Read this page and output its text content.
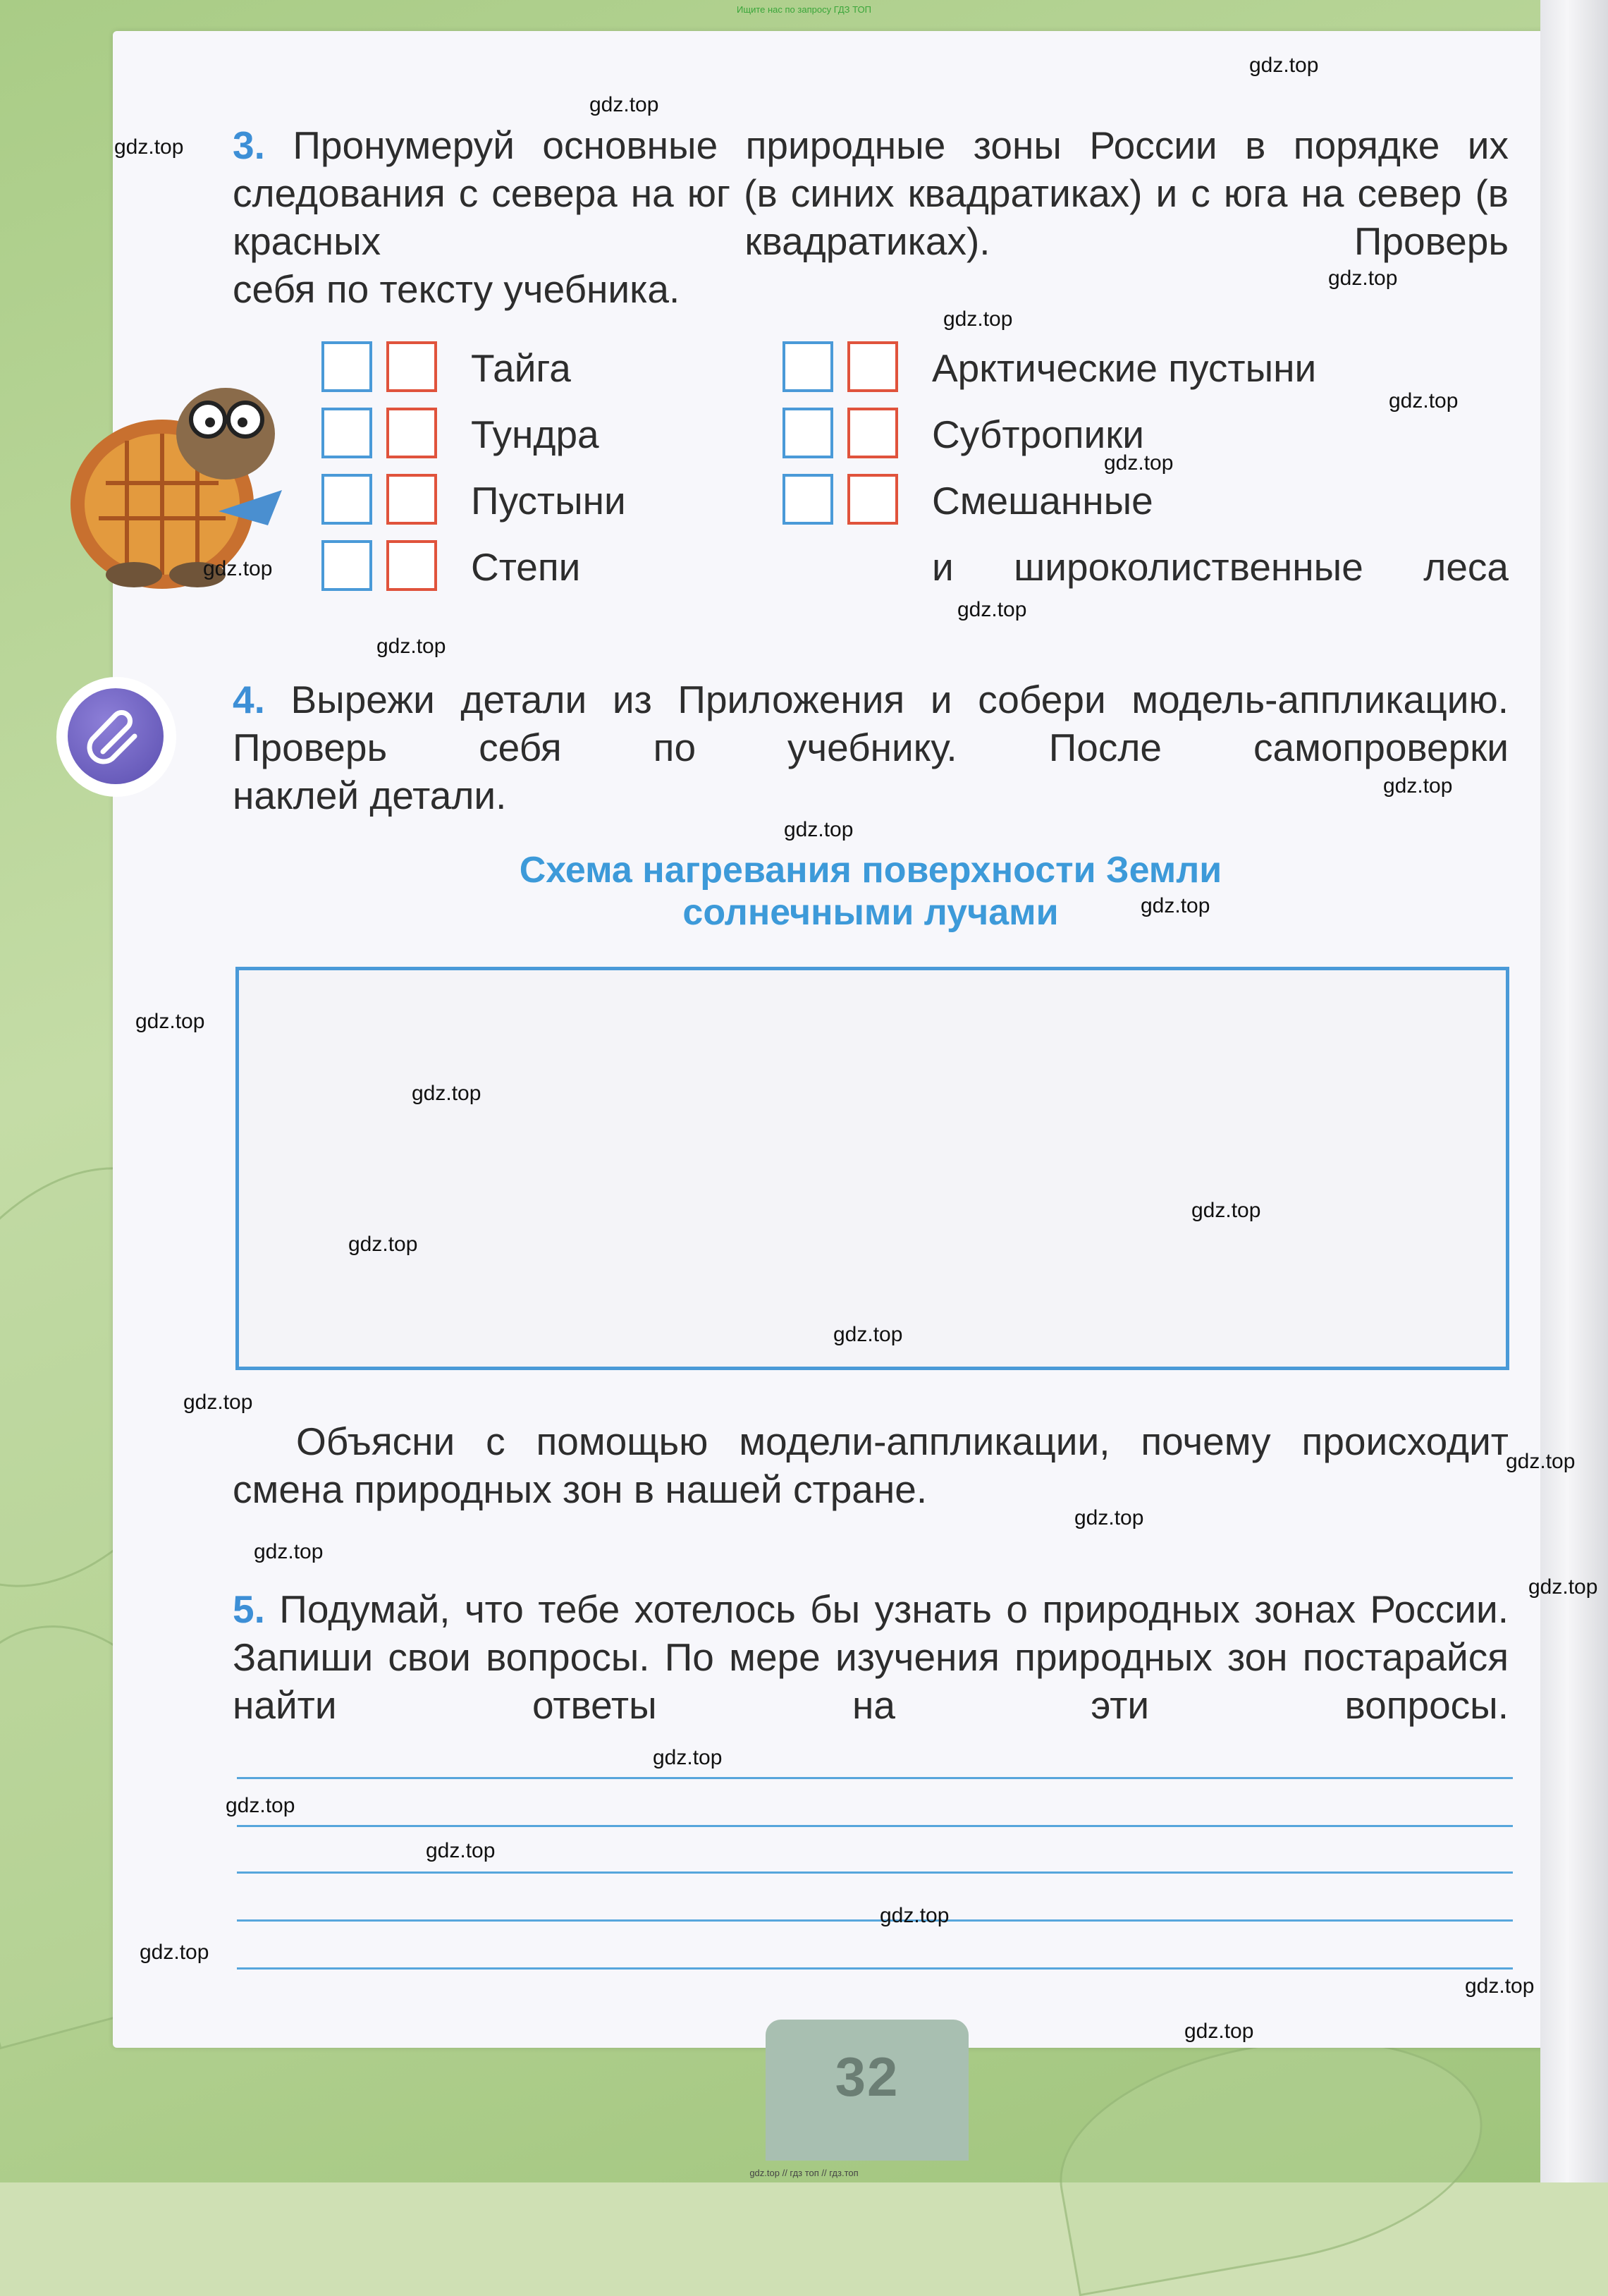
Ищите нас по запросу ГДЗ ТОП
3. Пронумеруй основные природные зоны России в порядке их следования с севера на юг (в синих квадратиках) и с юга на север (в красных квадратиках). Проверь
себя по тексту учебника.
Тайга
Тундра
Пустыни
Степи
Арктические пустыни
Субтропики
Смешанные
и широколиственные леса
4. Вырежи детали из Приложения и собери модель-аппликацию. Проверь себя по учебнику. После самопроверки
наклей детали.
Схема нагревания поверхности Земли
солнечными лучами
Объясни с помощью модели-аппликации, почему происходит
смена природных зон в нашей стране.
5. Подумай, что тебе хотелось бы узнать о природных зонах России. Запиши свои вопросы. По мере изучения природных зон постарайся найти ответы на эти вопросы.
32
gdz.top
gdz.top
gdz.top
gdz.top
gdz.top
gdz.top
gdz.top
gdz.top
gdz.top
gdz.top
gdz.top
gdz.top
gdz.top
gdz.top
gdz.top
gdz.top
gdz.top
gdz.top
gdz.top
gdz.top
gdz.top
gdz.top
gdz.top
gdz.top
gdz.top
gdz.top
gdz.top
gdz.top
gdz.top
gdz.top
gdz.top // гдз топ // гдз.топ
